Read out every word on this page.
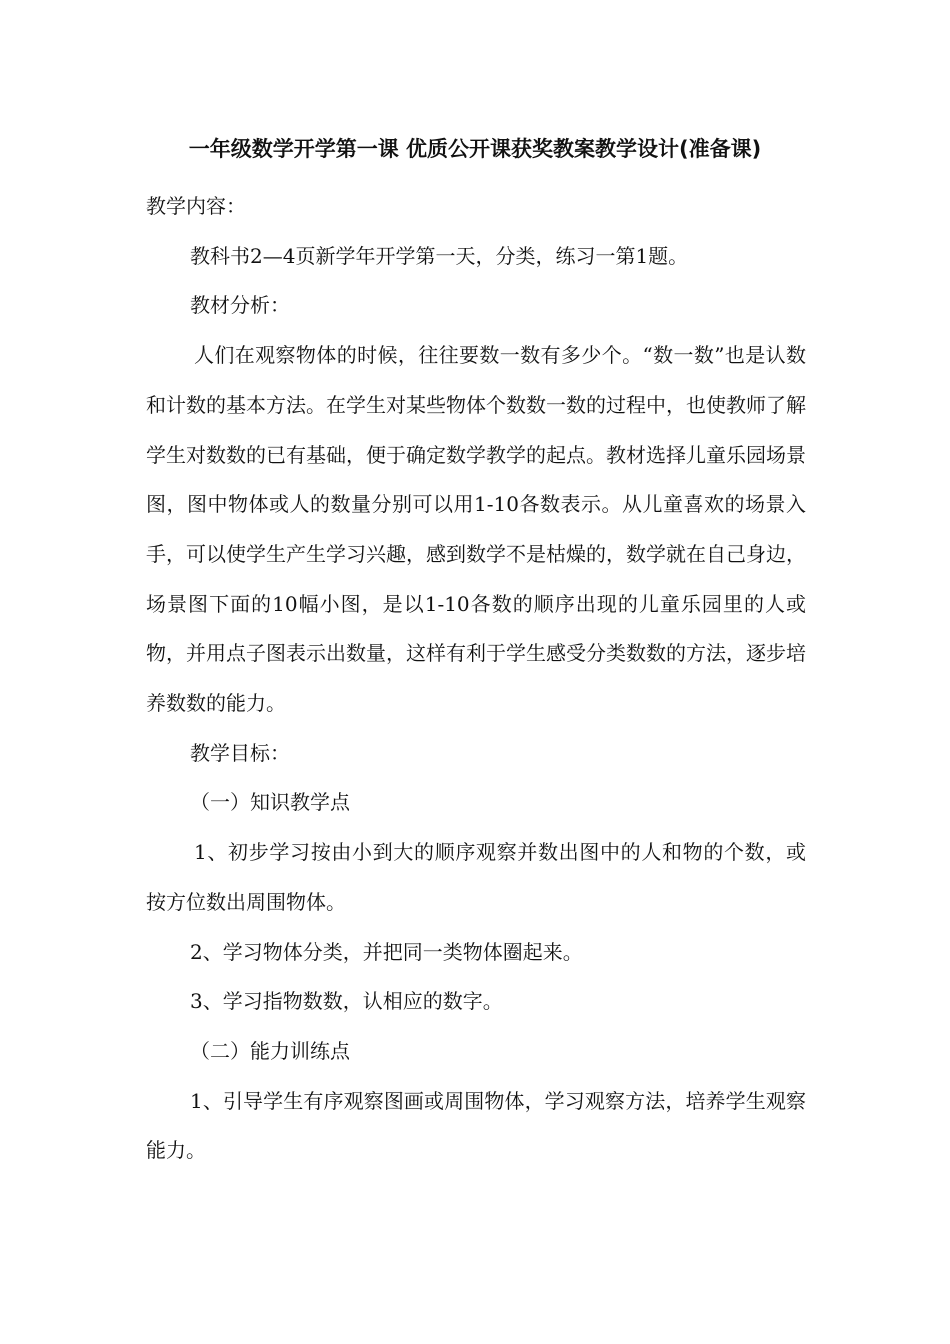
一年级数学开学第一课 优质公开课获奖教案教学设计(准备课)

教学内容：

教科书2—4页新学年开学第一天，分类，练习一第1题。

教材分析：

人们在观察物体的时候，往往要数一数有多少个。“数一数”也是认数和计数的基本方法。在学生对某些物体个数数一数的过程中，也使教师了解学生对数数的已有基础，便于确定数学教学的起点。教材选择儿童乐园场景图，图中物体或人的数量分别可以用1-10各数表示。从儿童喜欢的场景入手，可以使学生产生学习兴趣，感到数学不是枯燥的，数学就在自己身边，场景图下面的10幅小图，是以1-10各数的顺序出现的儿童乐园里的人或物，并用点子图表示出数量，这样有利于学生感受分类数数的方法，逐步培养数数的能力。

教学目标：

（一）知识教学点

1、初步学习按由小到大的顺序观察并数出图中的人和物的个数，或按方位数出周围物体。

2、学习物体分类，并把同一类物体圈起来。

3、学习指物数数，认相应的数字。

（二）能力训练点

1、引导学生有序观察图画或周围物体，学习观察方法，培养学生观察能力。
